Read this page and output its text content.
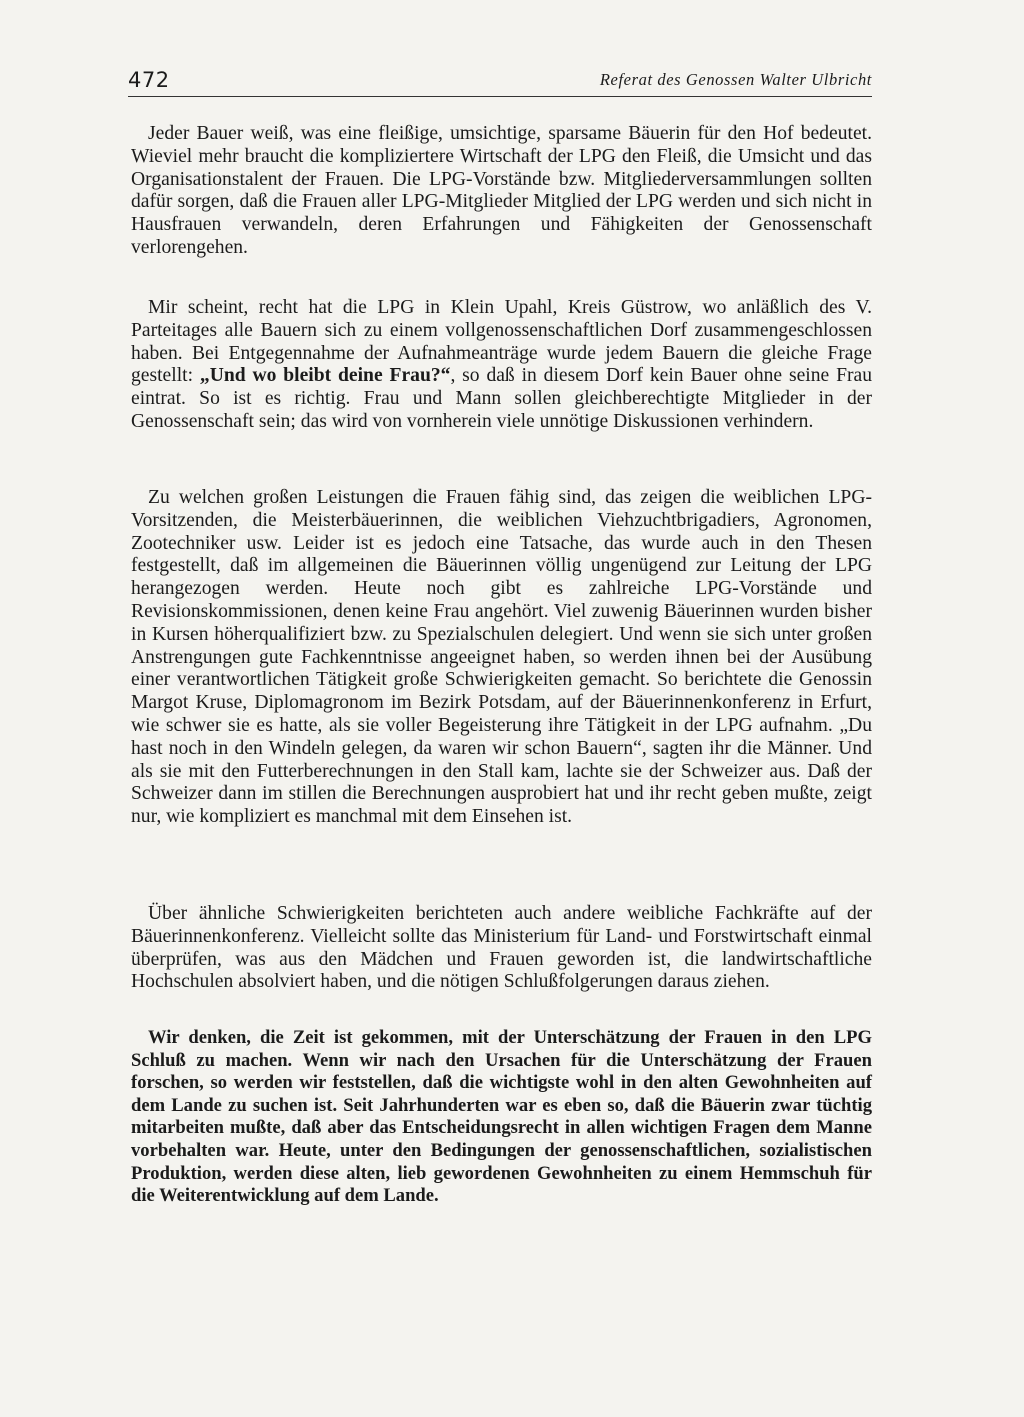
472	Referat des Genossen Walter Ulbricht

Jeder Bauer weiß, was eine fleißige, umsichtige, sparsame Bäuerin für den Hof bedeutet. Wieviel mehr braucht die kompliziertere Wirtschaft der LPG den Fleiß, die Umsicht und das Organisationstalent der Frauen. Die LPG-Vorstände bzw. Mitgliederversammlungen sollten dafür sorgen, daß die Frauen aller LPG-Mitglieder Mitglied der LPG werden und sich nicht in Hausfrauen verwandeln, deren Erfahrungen und Fähigkeiten der Genossenschaft verlorengehen.

Mir scheint, recht hat die LPG in Klein Upahl, Kreis Güstrow, wo anläßlich des V. Parteitages alle Bauern sich zu einem vollgenossenschaftlichen Dorf zusammengeschlossen haben. Bei Entgegennahme der Aufnahmeanträge wurde jedem Bauern die gleiche Frage gestellt: „Und wo bleibt deine Frau?“, so daß in diesem Dorf kein Bauer ohne seine Frau eintrat. So ist es richtig. Frau und Mann sollen gleichberechtigte Mitglieder in der Genossenschaft sein; das wird von vornherein viele unnötige Diskussionen verhindern.

Zu welchen großen Leistungen die Frauen fähig sind, das zeigen die weiblichen LPG-Vorsitzenden, die Meisterbäuerinnen, die weiblichen Viehzuchtbrigadiers, Agronomen, Zootechniker usw. Leider ist es jedoch eine Tatsache, das wurde auch in den Thesen festgestellt, daß im allgemeinen die Bäuerinnen völlig ungenügend zur Leitung der LPG herangezogen werden. Heute noch gibt es zahlreiche LPG-Vorstände und Revisionskommissionen, denen keine Frau angehört. Viel zuwenig Bäuerinnen wurden bisher in Kursen höherqualifiziert bzw. zu Spezialschulen delegiert. Und wenn sie sich unter großen Anstrengungen gute Fachkenntnisse angeeignet haben, so werden ihnen bei der Ausübung einer verantwortlichen Tätigkeit große Schwierigkeiten gemacht. So berichtete die Genossin Margot Kruse, Diplomagronom im Bezirk Potsdam, auf der Bäuerinnenkonferenz in Erfurt, wie schwer sie es hatte, als sie voller Begeisterung ihre Tätigkeit in der LPG aufnahm. „Du hast noch in den Windeln gelegen, da waren wir schon Bauern“, sagten ihr die Männer. Und als sie mit den Futterberechnungen in den Stall kam, lachte sie der Schweizer aus. Daß der Schweizer dann im stillen die Berechnungen ausprobiert hat und ihr recht geben mußte, zeigt nur, wie kompliziert es manchmal mit dem Einsehen ist.

Über ähnliche Schwierigkeiten berichteten auch andere weibliche Fachkräfte auf der Bäuerinnenkonferenz. Vielleicht sollte das Ministerium für Land- und Forstwirtschaft einmal überprüfen, was aus den Mädchen und Frauen geworden ist, die landwirtschaftliche Hochschulen absolviert haben, und die nötigen Schlußfolgerungen daraus ziehen.

Wir denken, die Zeit ist gekommen, mit der Unterschätzung der Frauen in den LPG Schluß zu machen. Wenn wir nach den Ursachen für die Unterschätzung der Frauen forschen, so werden wir feststellen, daß die wichtigste wohl in den alten Gewohnheiten auf dem Lande zu suchen ist. Seit Jahrhunderten war es eben so, daß die Bäuerin zwar tüchtig mitarbeiten mußte, daß aber das Entscheidungsrecht in allen wichtigen Fragen dem Manne vorbehalten war. Heute, unter den Bedingungen der genossenschaftlichen, sozialistischen Produktion, werden diese alten, lieb gewordenen Gewohnheiten zu einem Hemmschuh für die Weiterentwicklung auf dem Lande.
